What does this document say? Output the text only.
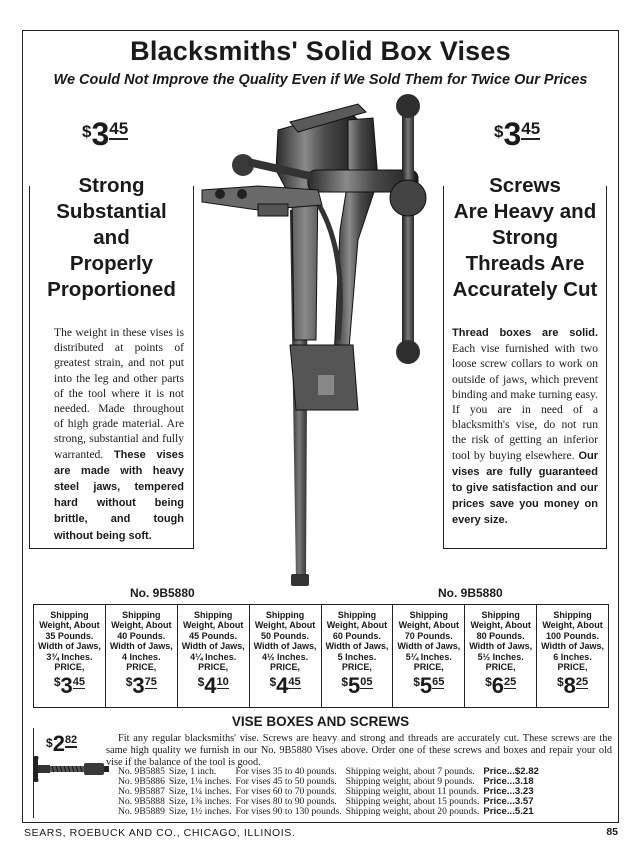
Blacksmiths' Solid Box Vises
We Could Not Improve the Quality Even if We Sold Them for Twice Our Prices
$ 3 45	$ 3 45
Strong
Substantial
and
Properly
Proportioned
The weight in these vises is distributed at points of greatest strain, and not put into the leg and other parts of the tool where it is not needed. Made throughout of high grade material. Are strong, substantial and fully warranted. These vises are made with heavy steel jaws, tempered hard without being brittle, and tough without being soft.
Screws
Are Heavy and
Strong
Threads Are
Accurately Cut
Thread boxes are solid. Each vise furnished with two loose screw collars to work on outside of jaws, which prevent binding and make turning easy. If you are in need of a blacksmith's vise, do not run the risk of getting an inferior tool by buying elsewhere. Our vises are fully guaranteed to give satisfaction and our prices save you money on every size.
No. 9B5880	No. 9B5880
Shipping
Weight, About
35 Pounds.
Width of Jaws,
3¾ Inches.
PRICE,
$ 3 45
Shipping
Weight, About
40 Pounds.
Width of Jaws,
4 Inches.
PRICE,
$ 3 75
Shipping
Weight, About
45 Pounds.
Width of Jaws,
4¼ Inches.
PRICE,
$ 4 10
Shipping
Weight, About
50 Pounds.
Width of Jaws,
4½ Inches.
PRICE,
$ 4 45
Shipping
Weight, About
60 Pounds.
Width of Jaws,
5 Inches.
PRICE,
$ 5 05
Shipping
Weight, About
70 Pounds.
Width of Jaws,
5¼ Inches.
PRICE,
$ 5 65
Shipping
Weight, About
80 Pounds.
Width of Jaws,
5½ Inches.
PRICE,
$ 6 25
Shipping
Weight, About
100 Pounds.
Width of Jaws,
6 Inches.
PRICE,
$ 8 25
VISE BOXES AND SCREWS
$ 2 82	Fit any regular blacksmiths' vise. Screws are heavy and strong and threads are accurately cut. These screws are the same high quality we furnish in our No. 9B5880 Vises above. Order one of these screws and boxes and repair your old vise if the balance of the tool is good.
No. 9B5885	Size, 1 inch.	For vises 35 to 40 pounds.	Shipping weight, about 7 pounds.	Price...$2.82
No. 9B5886	Size, 1⅛ inches.	For vises 45 to 50 pounds.	Shipping weight, about 9 pounds.	Price...3.18
No. 9B5887	Size, 1¼ inches.	For vises 60 to 70 pounds.	Shipping weight, about 11 pounds.	Price...3.23
No. 9B5888	Size, 1⅜ inches.	For vises 80 to 90 pounds.	Shipping weight, about 15 pounds.	Price...3.57
No. 9B5889	Size, 1½ inches.	For vises 90 to 130 pounds.	Shipping weight, about 20 pounds.	Price...5.21
SEARS, ROEBUCK AND CO., CHICAGO, ILLINOIS.	85
